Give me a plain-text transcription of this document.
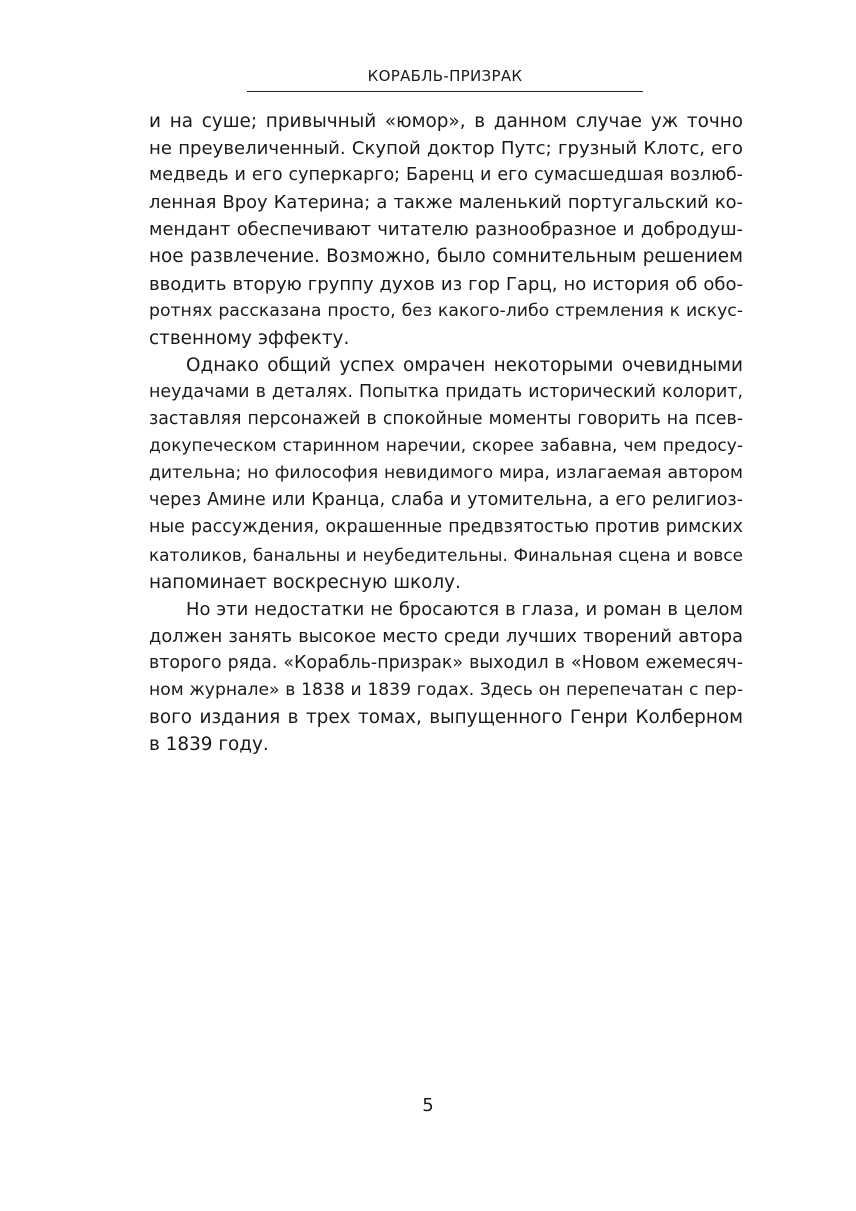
КОРАБЛЬ-ПРИЗРАК
и на суше; привычный «юмор», в данном случае уж точно
не преувеличенный. Скупой доктор Путс; грузный Клотс, его
медведь и его суперкарго; Баренц и его сумасшедшая возлюб-
ленная Вроу Катерина; а также маленький португальский ко-
мендант обеспечивают читателю разнообразное и добродуш-
ное развлечение. Возможно, было сомнительным решением
вводить вторую группу духов из гор Гарц, но история об обо-
ротнях рассказана просто, без какого-либо стремления к искус-
ственному эффекту.
Однако общий успех омрачен некоторыми очевидными
неудачами в деталях. Попытка придать исторический колорит,
заставляя персонажей в спокойные моменты говорить на псев-
докупеческом старинном наречии, скорее забавна, чем предосу-
дительна; но философия невидимого мира, излагаемая автором
через Амине или Кранца, слаба и утомительна, а его религиоз-
ные рассуждения, окрашенные предвзятостью против римских
католиков, банальны и неубедительны. Финальная сцена и вовсе
напоминает воскресную школу.
Но эти недостатки не бросаются в глаза, и роман в целом
должен занять высокое место среди лучших творений автора
второго ряда. «Корабль-призрак» выходил в «Новом ежемесяч-
ном журнале» в 1838 и 1839 годах. Здесь он перепечатан с пер-
вого издания в трех томах, выпущенного Генри Колберном
в 1839 году.
5
